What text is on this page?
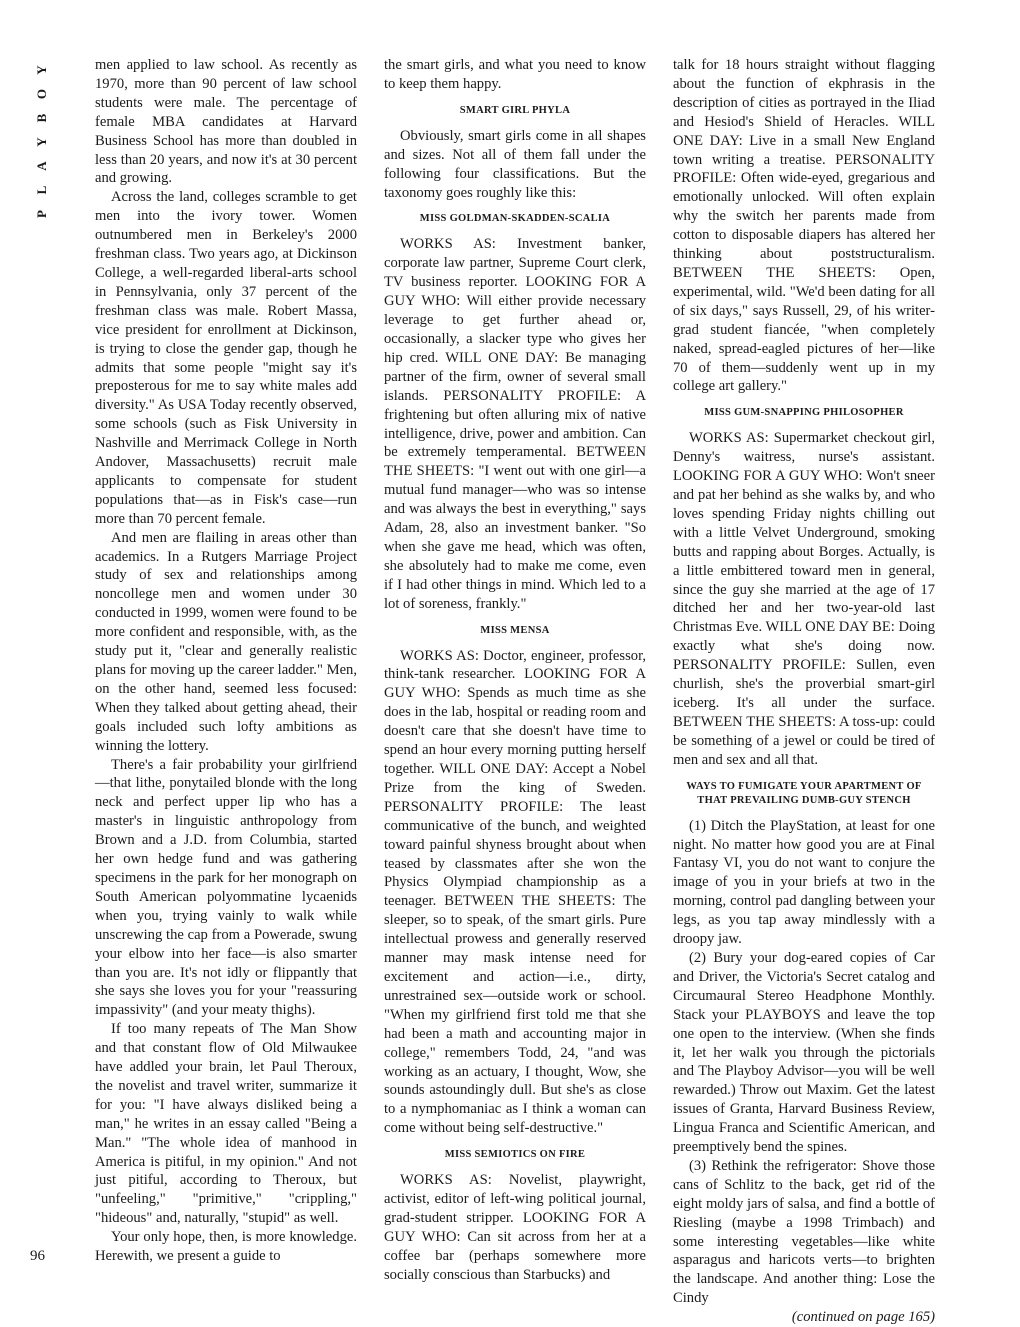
Y
O
B
Y
A
L
P
96

men applied to law school. As recently as 1970, more than 90 percent of law school students were male. The percentage of female MBA candidates at Harvard Business School has more than doubled in less than 20 years, and now it's at 30 percent and growing.

Across the land, colleges scramble to get men into the ivory tower. Women outnumbered men in Berkeley's 2000 freshman class. Two years ago, at Dickinson College, a well-regarded liberal-arts school in Pennsylvania, only 37 percent of the freshman class was male. Robert Massa, vice president for enrollment at Dickinson, is trying to close the gender gap, though he admits that some people "might say it's preposterous for me to say white males add diversity." As USA Today recently observed, some schools (such as Fisk University in Nashville and Merrimack College in North Andover, Massachusetts) recruit male applicants to compensate for student populations that—as in Fisk's case—run more than 70 percent female.

And men are flailing in areas other than academics. In a Rutgers Marriage Project study of sex and relationships among noncollege men and women under 30 conducted in 1999, women were found to be more confident and responsible, with, as the study put it, "clear and generally realistic plans for moving up the career ladder." Men, on the other hand, seemed less focused: When they talked about getting ahead, their goals included such lofty ambitions as winning the lottery.

There's a fair probability your girlfriend—that lithe, ponytailed blonde with the long neck and perfect upper lip who has a master's in linguistic anthropology from Brown and a J.D. from Columbia, started her own hedge fund and was gathering specimens in the park for her monograph on South American polyommatine lycaenids when you, trying vainly to walk while unscrewing the cap from a Powerade, swung your elbow into her face—is also smarter than you are. It's not idly or flippantly that she says she loves you for your "reassuring impassivity" (and your meaty thighs).

If too many repeats of The Man Show and that constant flow of Old Milwaukee have addled your brain, let Paul Theroux, the novelist and travel writer, summarize it for you: "I have always disliked being a man," he writes in an essay called "Being a Man." "The whole idea of manhood in America is pitiful, in my opinion." And not just pitiful, according to Theroux, but "unfeeling," "primitive," "crippling," "hideous" and, naturally, "stupid" as well.

Your only hope, then, is more knowledge. Herewith, we present a guide to

the smart girls, and what you need to know to keep them happy.

SMART GIRL PHYLA

Obviously, smart girls come in all shapes and sizes. Not all of them fall under the following four classifications. But the taxonomy goes roughly like this:

MISS GOLDMAN-SKADDEN-SCALIA

WORKS AS: Investment banker, corporate law partner, Supreme Court clerk, TV business reporter. LOOKING FOR A GUY WHO: Will either provide necessary leverage to get further ahead or, occasionally, a slacker type who gives her hip cred. WILL ONE DAY: Be managing partner of the firm, owner of several small islands. PERSONALITY PROFILE: A frightening but often alluring mix of native intelligence, drive, power and ambition. Can be extremely temperamental. BETWEEN THE SHEETS: "I went out with one girl—a mutual fund manager—who was so intense and was always the best in everything," says Adam, 28, also an investment banker. "So when she gave me head, which was often, she absolutely had to make me come, even if I had other things in mind. Which led to a lot of soreness, frankly."

MISS MENSA

WORKS AS: Doctor, engineer, professor, think-tank researcher. LOOKING FOR A GUY WHO: Spends as much time as she does in the lab, hospital or reading room and doesn't care that she doesn't have time to spend an hour every morning putting herself together. WILL ONE DAY: Accept a Nobel Prize from the king of Sweden. PERSONALITY PROFILE: The least communicative of the bunch, and weighted toward painful shyness brought about when teased by classmates after she won the Physics Olympiad championship as a teenager. BETWEEN THE SHEETS: The sleeper, so to speak, of the smart girls. Pure intellectual prowess and generally reserved manner may mask intense need for excitement and action—i.e., dirty, unrestrained sex—outside work or school. "When my girlfriend first told me that she had been a math and accounting major in college," remembers Todd, 24, "and was working as an actuary, I thought, Wow, she sounds astoundingly dull. But she's as close to a nymphomaniac as I think a woman can come without being self-destructive."

MISS SEMIOTICS ON FIRE

WORKS AS: Novelist, playwright, activist, editor of left-wing political journal, grad-student stripper. LOOKING FOR A GUY WHO: Can sit across from her at a coffee bar (perhaps somewhere more socially conscious than Starbucks) and

talk for 18 hours straight without flagging about the function of ekphrasis in the description of cities as portrayed in the Iliad and Hesiod's Shield of Heracles. WILL ONE DAY: Live in a small New England town writing a treatise. PERSONALITY PROFILE: Often wide-eyed, gregarious and emotionally unlocked. Will often explain why the switch her parents made from cotton to disposable diapers has altered her thinking about poststructuralism. BETWEEN THE SHEETS: Open, experimental, wild. "We'd been dating for all of six days," says Russell, 29, of his writer-grad student fiancée, "when completely naked, spread-eagled pictures of her—like 70 of them—suddenly went up in my college art gallery."

MISS GUM-SNAPPING PHILOSOPHER

WORKS AS: Supermarket checkout girl, Denny's waitress, nurse's assistant. LOOKING FOR A GUY WHO: Won't sneer and pat her behind as she walks by, and who loves spending Friday nights chilling out with a little Velvet Underground, smoking butts and rapping about Borges. Actually, is a little embittered toward men in general, since the guy she married at the age of 17 ditched her and her two-year-old last Christmas Eve. WILL ONE DAY BE: Doing exactly what she's doing now. PERSONALITY PROFILE: Sullen, even churlish, she's the proverbial smart-girl iceberg. It's all under the surface. BETWEEN THE SHEETS: A toss-up: could be something of a jewel or could be tired of men and sex and all that.

WAYS TO FUMIGATE YOUR APARTMENT OF THAT PREVAILING DUMB-GUY STENCH

(1) Ditch the PlayStation, at least for one night. No matter how good you are at Final Fantasy VI, you do not want to conjure the image of you in your briefs at two in the morning, control pad dangling between your legs, as you tap away mindlessly with a droopy jaw.

(2) Bury your dog-eared copies of Car and Driver, the Victoria's Secret catalog and Circumaural Stereo Headphone Monthly. Stack your PLAYBOYS and leave the top one open to the interview. (When she finds it, let her walk you through the pictorials and The Playboy Advisor—you will be well rewarded.) Throw out Maxim. Get the latest issues of Granta, Harvard Business Review, Lingua Franca and Scientific American, and preemptively bend the spines.

(3) Rethink the refrigerator: Shove those cans of Schlitz to the back, get rid of the eight moldy jars of salsa, and find a bottle of Riesling (maybe a 1998 Trimbach) and some interesting vegetables—like white asparagus and haricots verts—to brighten the landscape. And another thing: Lose the Cindy

(continued on page 165)
